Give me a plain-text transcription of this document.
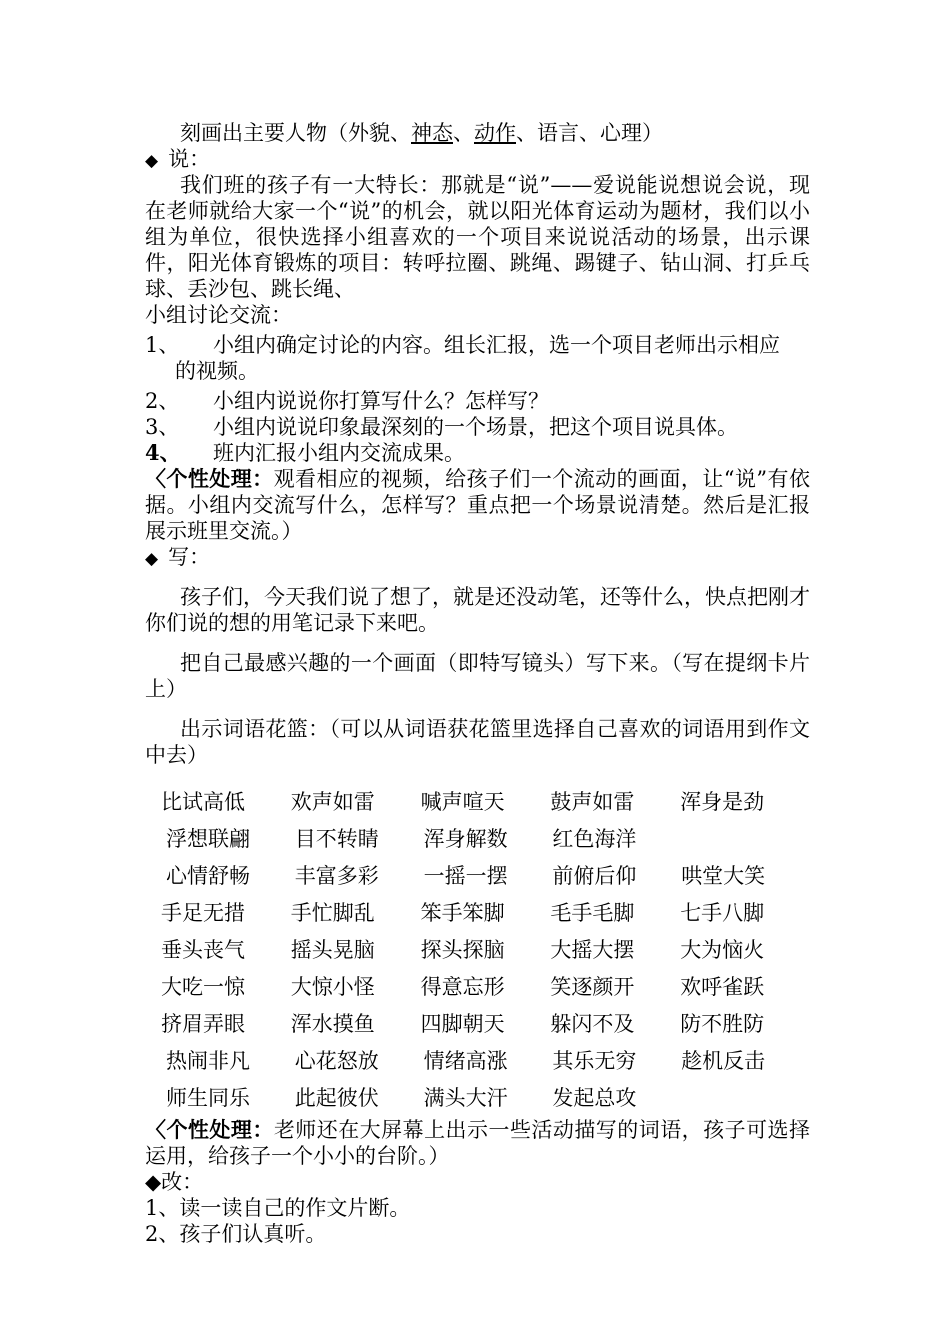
刻画出主要人物（外貌、神态、动作、语言、心理）
◆ 说：
我们班的孩子有一大特长：那就是“说”——爱说能说想说会说，现在老师就给大家一个“说”的机会，就以阳光体育运动为题材，我们以小组为单位，很快选择小组喜欢的一个项目来说说活动的场景，出示课件，阳光体育锻炼的项目：转呼拉圈、跳绳、踢键子、钻山洞、打乒乓球、丢沙包、跳长绳、
小组讨论交流：
1、 小组内确定讨论的内容。组长汇报，选一个项目老师出示相应
的视频。
2、 小组内说说你打算写什么？怎样写？
3、 小组内说说印象最深刻的一个场景，把这个项目说具体。
4、 班内汇报小组内交流成果。
〈个性处理：观看相应的视频，给孩子们一个流动的画面，让“说”有依据。小组内交流写什么，怎样写？重点把一个场景说清楚。然后是汇报展示班里交流。）
◆ 写：
孩子们，今天我们说了想了，就是还没动笔，还等什么，快点把刚才你们说的想的用笔记录下来吧。
把自己最感兴趣的一个画面（即特写镜头）写下来。（写在提纲卡片上）
出示词语花篮：（可以从词语获花篮里选择自己喜欢的词语用到作文中去）
比试高低	欢声如雷	喊声喧天	鼓声如雷	浑身是劲
浮想联翩	目不转睛	浑身解数	红色海洋
心情舒畅	丰富多彩	一摇一摆	前俯后仰	哄堂大笑
手足无措	手忙脚乱	笨手笨脚	毛手毛脚	七手八脚
垂头丧气	摇头晃脑	探头探脑	大摇大摆	大为恼火
大吃一惊	大惊小怪	得意忘形	笑逐颜开	欢呼雀跃
挤眉弄眼	浑水摸鱼	四脚朝天	躲闪不及	防不胜防
热闹非凡	心花怒放	情绪高涨	其乐无穷	趁机反击
师生同乐	此起彼伏	满头大汗	发起总攻
〈个性处理：老师还在大屏幕上出示一些活动描写的词语，孩子可选择运用，给孩子一个小小的台阶。）
◆改：
1、读一读自己的作文片断。
2、孩子们认真听。
